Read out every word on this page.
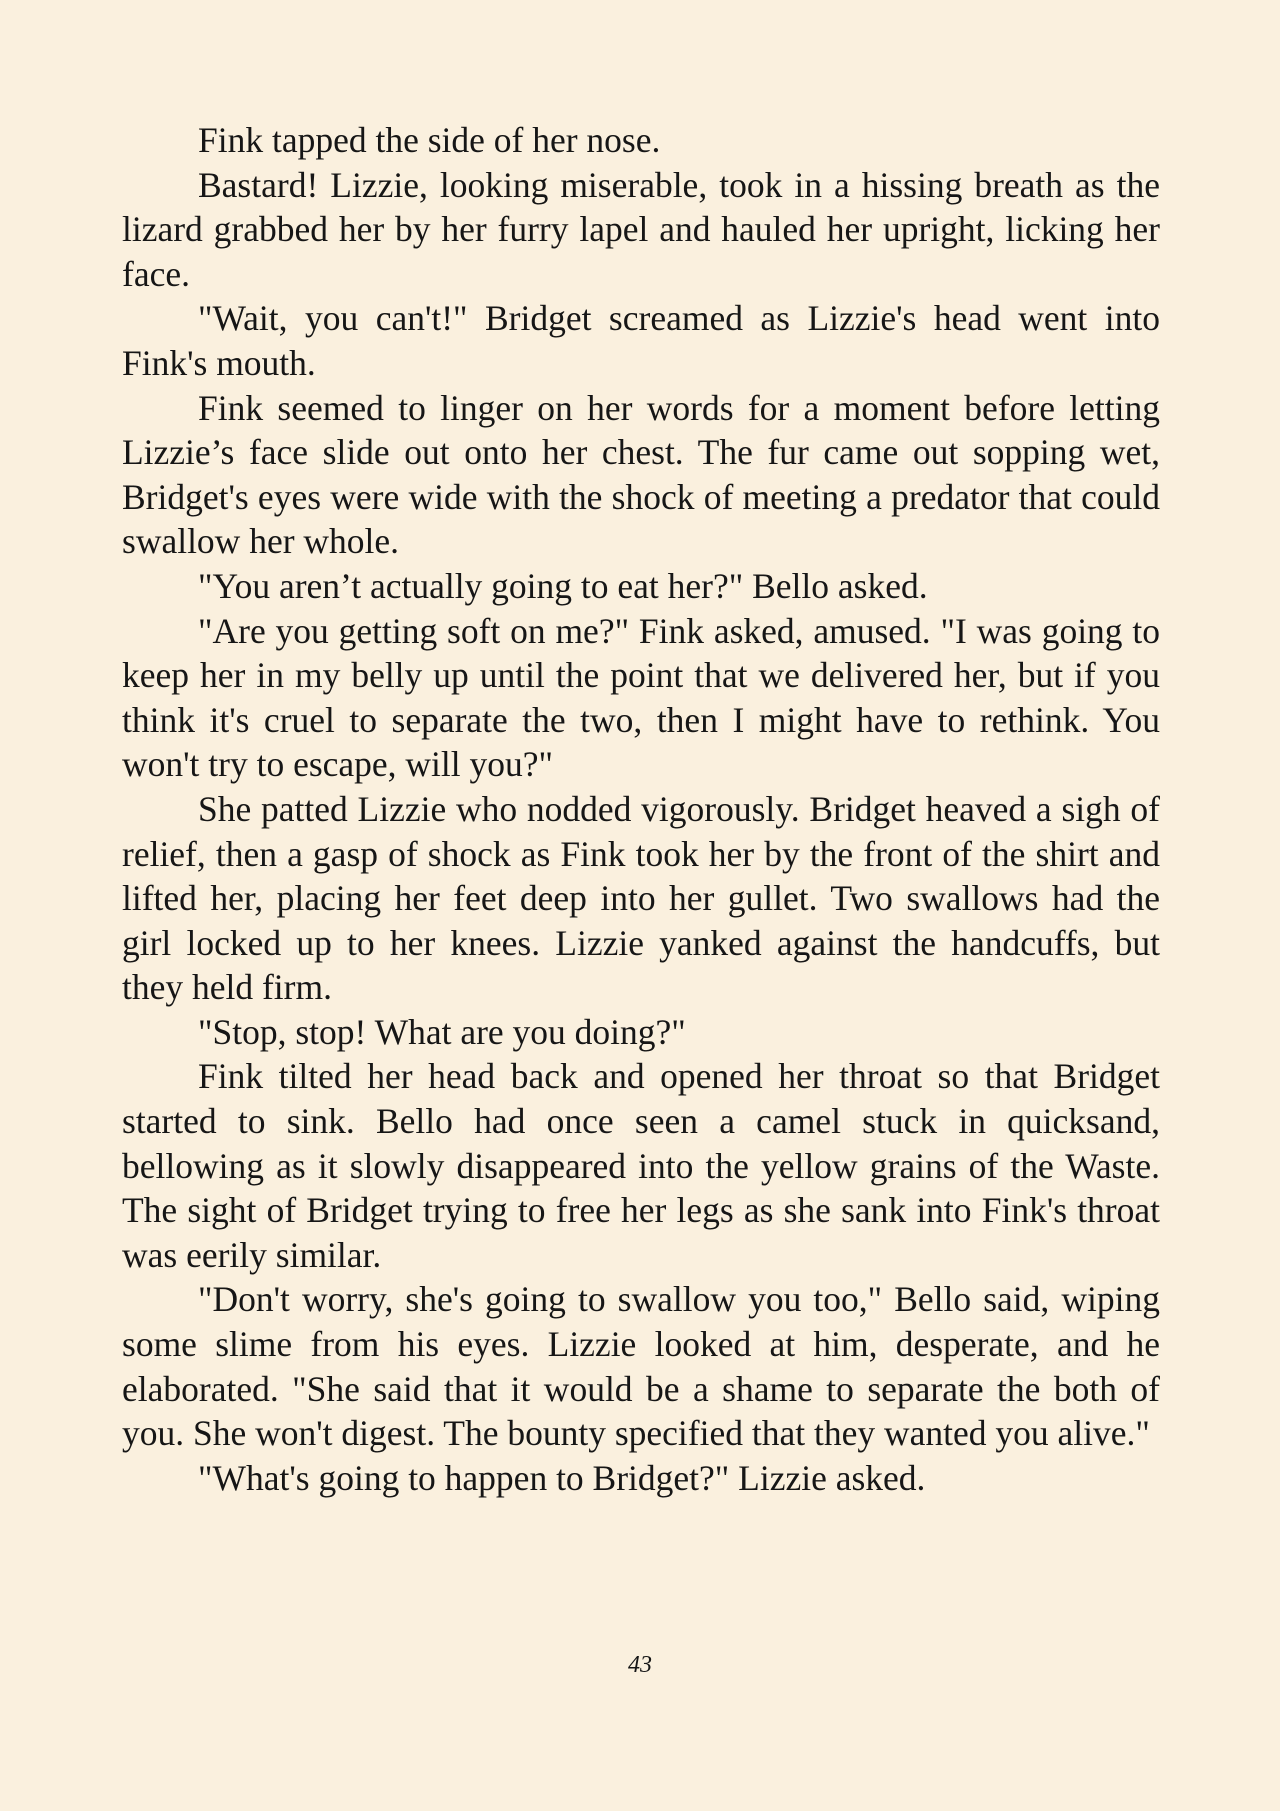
Fink tapped the side of her nose.

Bastard! Lizzie, looking miserable, took in a hissing breath as the lizard grabbed her by her furry lapel and hauled her upright, licking her face.

"Wait, you can't!" Bridget screamed as Lizzie's head went into Fink's mouth.

Fink seemed to linger on her words for a moment before letting Lizzie’s face slide out onto her chest. The fur came out sopping wet, Bridget's eyes were wide with the shock of meeting a predator that could swallow her whole.

"You aren’t actually going to eat her?" Bello asked.

"Are you getting soft on me?" Fink asked, amused. "I was going to keep her in my belly up until the point that we delivered her, but if you think it's cruel to separate the two, then I might have to rethink. You won't try to escape, will you?"

She patted Lizzie who nodded vigorously. Bridget heaved a sigh of relief, then a gasp of shock as Fink took her by the front of the shirt and lifted her, placing her feet deep into her gullet. Two swallows had the girl locked up to her knees. Lizzie yanked against the handcuffs, but they held firm.

"Stop, stop! What are you doing?"

Fink tilted her head back and opened her throat so that Bridget started to sink. Bello had once seen a camel stuck in quicksand, bellowing as it slowly disappeared into the yellow grains of the Waste. The sight of Bridget trying to free her legs as she sank into Fink's throat was eerily similar.

"Don't worry, she's going to swallow you too," Bello said, wiping some slime from his eyes. Lizzie looked at him, desperate, and he elaborated. "She said that it would be a shame to separate the both of you. She won't digest. The bounty specified that they wanted you alive."

"What's going to happen to Bridget?" Lizzie asked.

43
